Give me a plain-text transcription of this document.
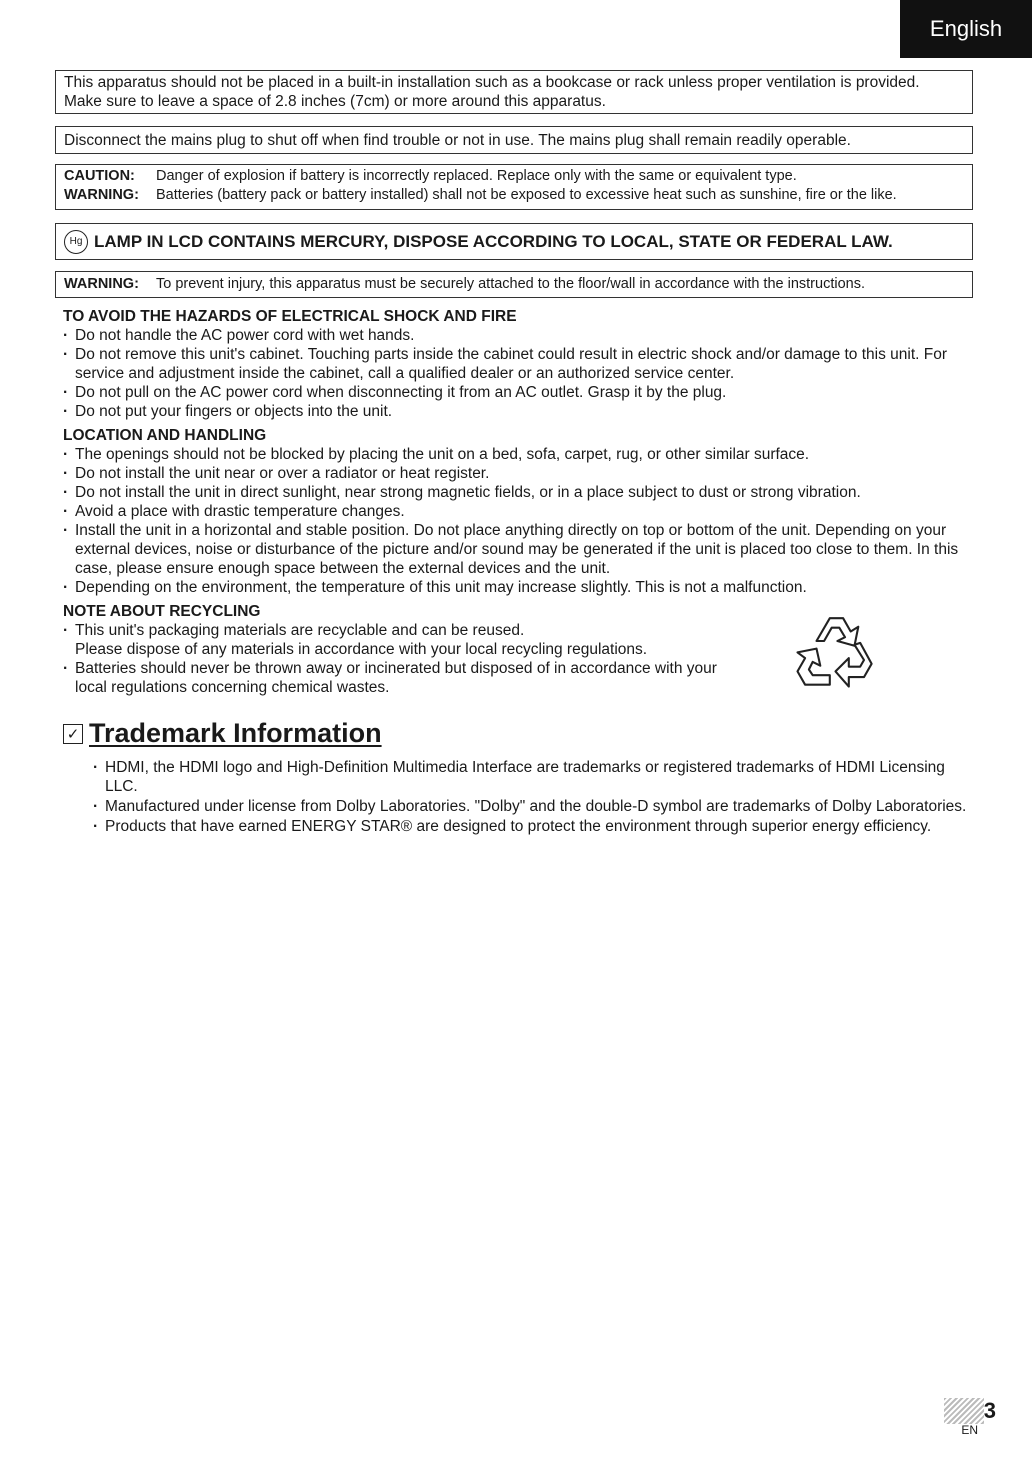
English

This apparatus should not be placed in a built-in installation such as a bookcase or rack unless proper ventilation is provided.

Make sure to leave a space of 2.8 inches (7cm) or more around this apparatus.

Disconnect the mains plug to shut off when find trouble or not in use. The mains plug shall remain readily operable.

CAUTION: Danger of explosion if battery is incorrectly replaced. Replace only with the same or equivalent type.

WARNING: Batteries (battery pack or battery installed) shall not be exposed to excessive heat such as sunshine, fire or the like.

Hg LAMP IN LCD CONTAINS MERCURY, DISPOSE ACCORDING TO LOCAL, STATE OR FEDERAL LAW.

WARNING: To prevent injury, this apparatus must be securely attached to the floor/wall in accordance with the instructions.

TO AVOID THE HAZARDS OF ELECTRICAL SHOCK AND FIRE
· Do not handle the AC power cord with wet hands.
· Do not remove this unit's cabinet. Touching parts inside the cabinet could result in electric shock and/or damage to this unit. For service and adjustment inside the cabinet, call a qualified dealer or an authorized service center.
· Do not pull on the AC power cord when disconnecting it from an AC outlet. Grasp it by the plug.
· Do not put your fingers or objects into the unit.
LOCATION AND HANDLING
· The openings should not be blocked by placing the unit on a bed, sofa, carpet, rug, or other similar surface.
· Do not install the unit near or over a radiator or heat register.
· Do not install the unit in direct sunlight, near strong magnetic fields, or in a place subject to dust or strong vibration.
· Avoid a place with drastic temperature changes.
· Install the unit in a horizontal and stable position. Do not place anything directly on top or bottom of the unit. Depending on your external devices, noise or disturbance of the picture and/or sound may be generated if the unit is placed too close to them. In this case, please ensure enough space between the external devices and the unit.
· Depending on the environment, the temperature of this unit may increase slightly. This is not a malfunction.
NOTE ABOUT RECYCLING
· This unit's packaging materials are recyclable and can be reused.
Please dispose of any materials in accordance with your local recycling regulations.
· Batteries should never be thrown away or incinerated but disposed of in accordance with your
local regulations concerning chemical wastes.
✓ Trademark Information
· HDMI, the HDMI logo and High-Definition Multimedia Interface are trademarks or registered trademarks of HDMI Licensing LLC.
· Manufactured under license from Dolby Laboratories. "Dolby" and the double-D symbol are trademarks of Dolby Laboratories.
· Products that have earned ENERGY STAR® are designed to protect the environment through superior energy efficiency.
3
EN
